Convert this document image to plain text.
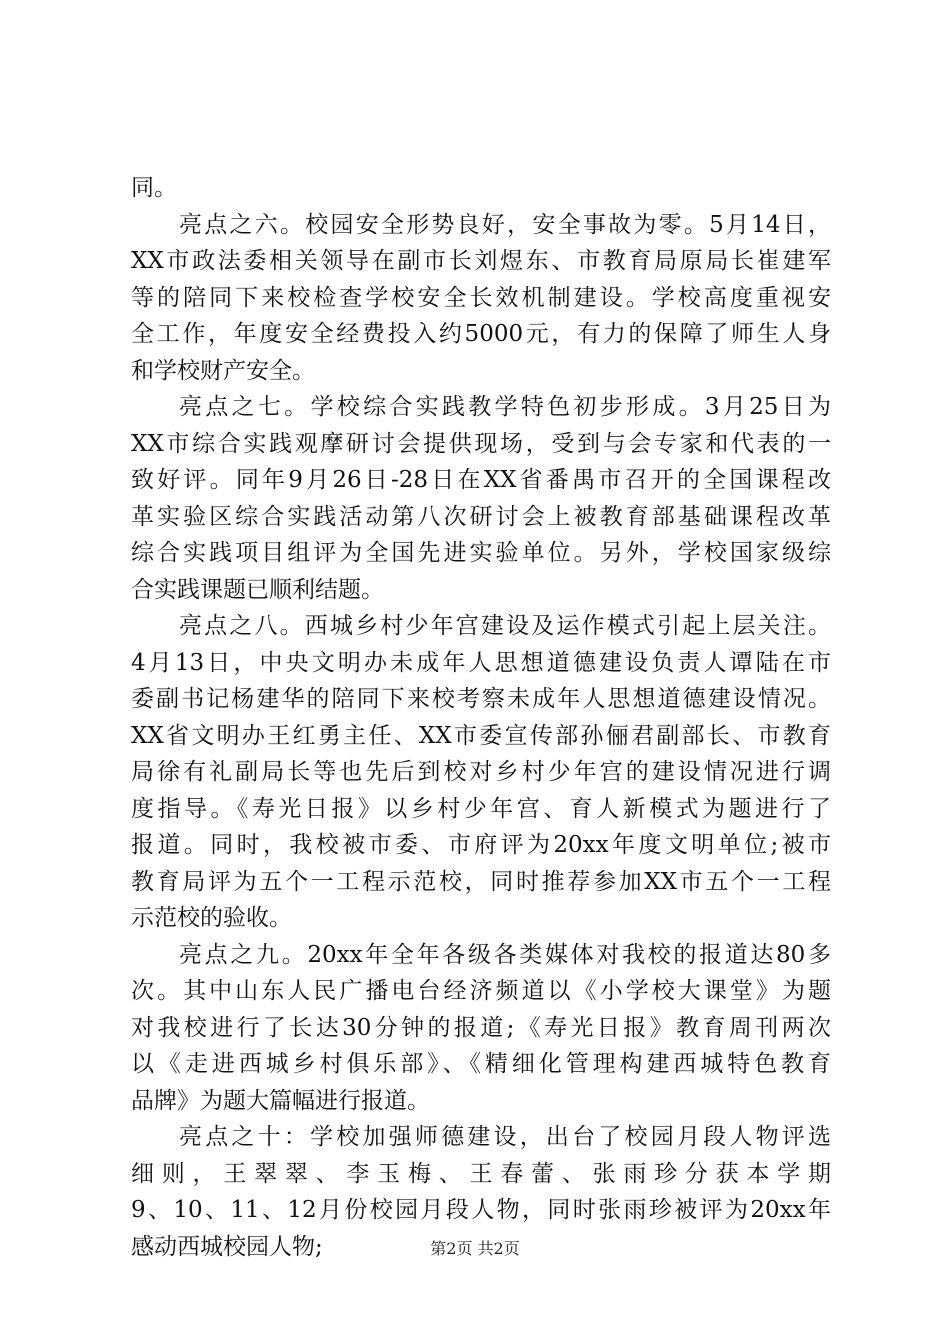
同。
亮点之六。校园安全形势良好，安全事故为零。5月14日，
XX市政法委相关领导在副市长刘煜东、市教育局原局长崔建军
等的陪同下来校检查学校安全长效机制建设。学校高度重视安
全工作，年度安全经费投入约5000元，有力的保障了师生人身
和学校财产安全。
亮点之七。学校综合实践教学特色初步形成。3月25日为
XX市综合实践观摩研讨会提供现场，受到与会专家和代表的一
致好评。同年9月26日-28日在XX省番禺市召开的全国课程改
革实验区综合实践活动第八次研讨会上被教育部基础课程改革
综合实践项目组评为全国先进实验单位。另外，学校国家级综
合实践课题已顺利结题。
亮点之八。西城乡村少年宫建设及运作模式引起上层关注。
4月13日，中央文明办未成年人思想道德建设负责人谭陆在市
委副书记杨建华的陪同下来校考察未成年人思想道德建设情况。
XX省文明办王红勇主任、XX市委宣传部孙俪君副部长、市教育
局徐有礼副局长等也先后到校对乡村少年宫的建设情况进行调
度指导。《寿光日报》以乡村少年宫、育人新模式为题进行了
报道。同时，我校被市委、市府评为20xx年度文明单位;被市
教育局评为五个一工程示范校，同时推荐参加XX市五个一工程
示范校的验收。
亮点之九。20xx年全年各级各类媒体对我校的报道达80多
次。其中山东人民广播电台经济频道以《小学校大课堂》为题
对我校进行了长达30分钟的报道;《寿光日报》教育周刊两次
以《走进西城乡村俱乐部》、《精细化管理构建西城特色教育
品牌》为题大篇幅进行报道。
亮点之十：学校加强师德建设，出台了校园月段人物评选
细则，王翠翠、李玉梅、王春蕾、张雨珍分获本学期
9、10、11、12月份校园月段人物，同时张雨珍被评为20xx年
感动西城校园人物;	第2页 共2页
